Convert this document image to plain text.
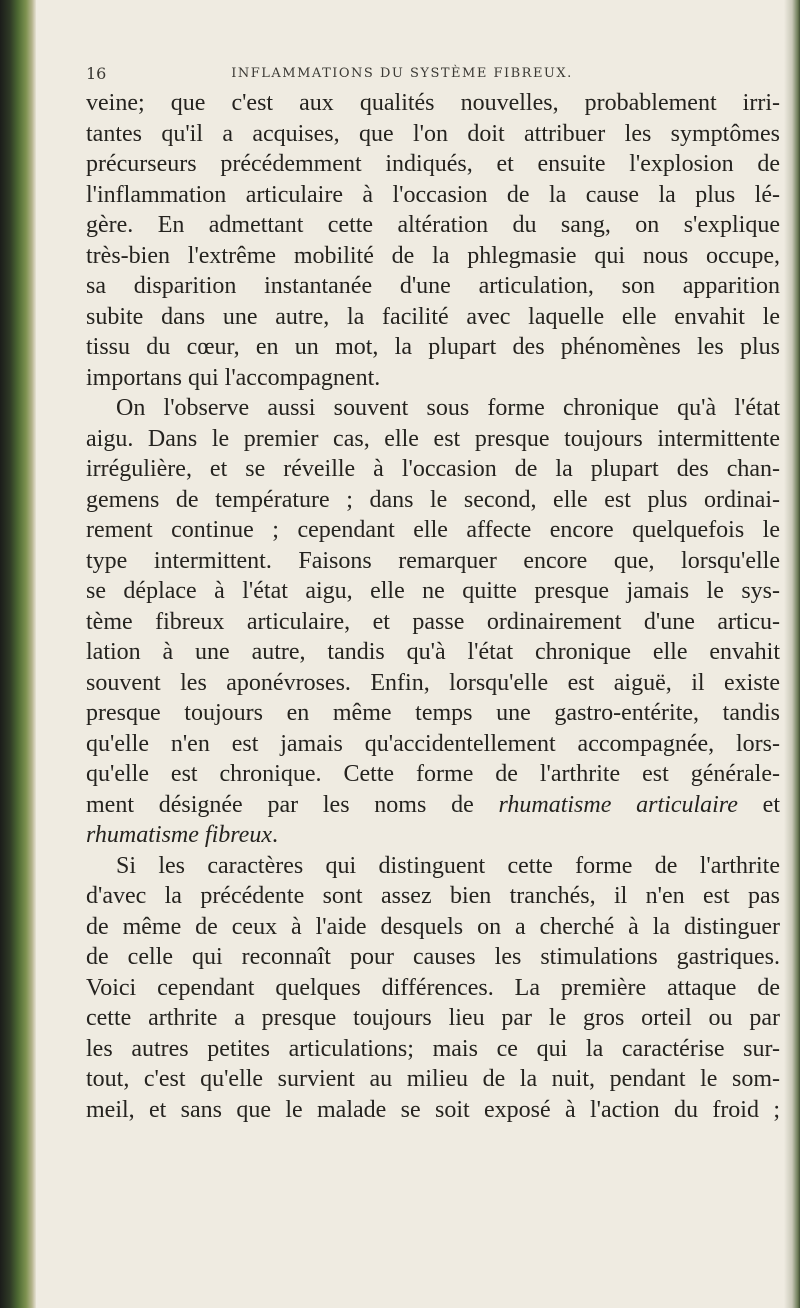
16	INFLAMMATIONS DU SYSTÈME FIBREUX.
veine; que c'est aux qualités nouvelles, probablement irri-
tantes qu'il a acquises, que l'on doit attribuer les symptômes
précurseurs précédemment indiqués, et ensuite l'explosion de
l'inflammation articulaire à l'occasion de la cause la plus lé-
gère. En admettant cette altération du sang, on s'explique
très-bien l'extrême mobilité de la phlegmasie qui nous occupe,
sa disparition instantanée d'une articulation, son apparition
subite dans une autre, la facilité avec laquelle elle envahit le
tissu du cœur, en un mot, la plupart des phénomènes les plus
importans qui l'accompagnent.
On l'observe aussi souvent sous forme chronique qu'à l'état
aigu. Dans le premier cas, elle est presque toujours intermittente
irrégulière, et se réveille à l'occasion de la plupart des chan-
gemens de température ; dans le second, elle est plus ordinai-
rement continue ; cependant elle affecte encore quelquefois le
type intermittent. Faisons remarquer encore que, lorsqu'elle
se déplace à l'état aigu, elle ne quitte presque jamais le sys-
tème fibreux articulaire, et passe ordinairement d'une articu-
lation à une autre, tandis qu'à l'état chronique elle envahit
souvent les aponévroses. Enfin, lorsqu'elle est aiguë, il existe
presque toujours en même temps une gastro-entérite, tandis
qu'elle n'en est jamais qu'accidentellement accompagnée, lors-
qu'elle est chronique. Cette forme de l'arthrite est générale-
ment désignée par les noms de rhumatisme articulaire et
rhumatisme fibreux.
Si les caractères qui distinguent cette forme de l'arthrite
d'avec la précédente sont assez bien tranchés, il n'en est pas
de même de ceux à l'aide desquels on a cherché à la distinguer
de celle qui reconnaît pour causes les stimulations gastriques.
Voici cependant quelques différences. La première attaque de
cette arthrite a presque toujours lieu par le gros orteil ou par
les autres petites articulations; mais ce qui la caractérise sur-
tout, c'est qu'elle survient au milieu de la nuit, pendant le som-
meil, et sans que le malade se soit exposé à l'action du froid ;
